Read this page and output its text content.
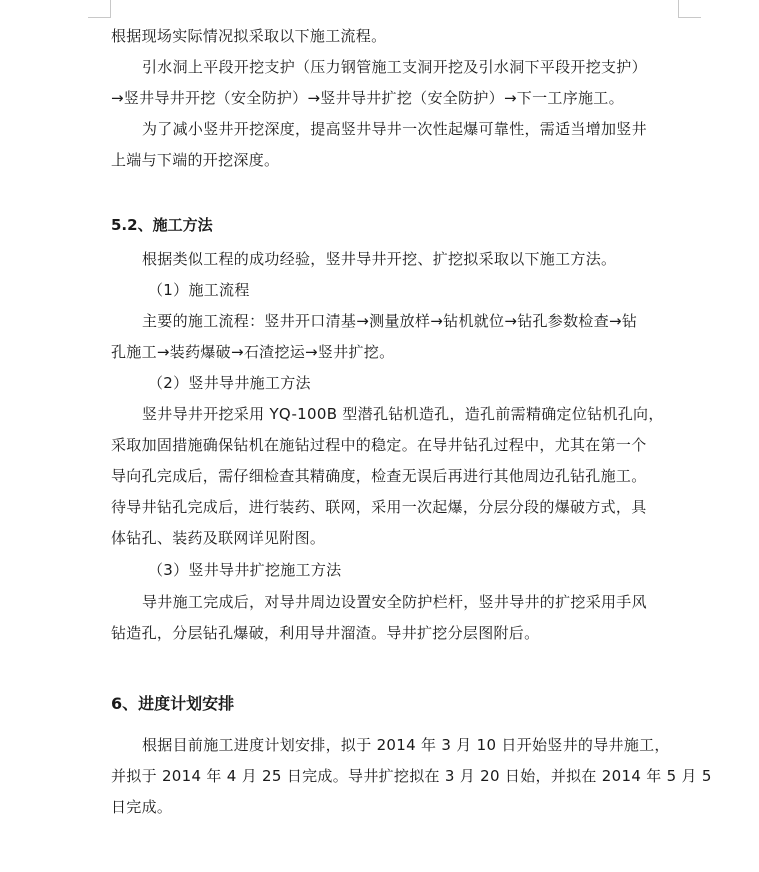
根据现场实际情况拟采取以下施工流程。
引水洞上平段开挖支护（压力钢管施工支洞开挖及引水洞下平段开挖支护）
→竖井导井开挖（安全防护）→竖井导井扩挖（安全防护）→下一工序施工。
为了减小竖井开挖深度，提高竖井导井一次性起爆可靠性，需适当增加竖井
上端与下端的开挖深度。
5.2、施工方法
根据类似工程的成功经验，竖井导井开挖、扩挖拟采取以下施工方法。
（1）施工流程
主要的施工流程：竖井开口清基→测量放样→钻机就位→钻孔参数检查→钻
孔施工→装药爆破→石渣挖运→竖井扩挖。
（2）竖井导井施工方法
竖井导井开挖采用 YQ-100B 型潜孔钻机造孔，造孔前需精确定位钻机孔向，
采取加固措施确保钻机在施钻过程中的稳定。在导井钻孔过程中，尤其在第一个
导向孔完成后，需仔细检查其精确度，检查无误后再进行其他周边孔钻孔施工。
待导井钻孔完成后，进行装药、联网，采用一次起爆，分层分段的爆破方式，具
体钻孔、装药及联网详见附图。
（3）竖井导井扩挖施工方法
导井施工完成后，对导井周边设置安全防护栏杆，竖井导井的扩挖采用手风
钻造孔，分层钻孔爆破，利用导井溜渣。导井扩挖分层图附后。
6、进度计划安排
根据目前施工进度计划安排，拟于 2014 年 3 月 10 日开始竖井的导井施工，
并拟于 2014 年 4 月 25 日完成。导井扩挖拟在 3 月 20 日始，并拟在 2014 年 5 月 5
日完成。
